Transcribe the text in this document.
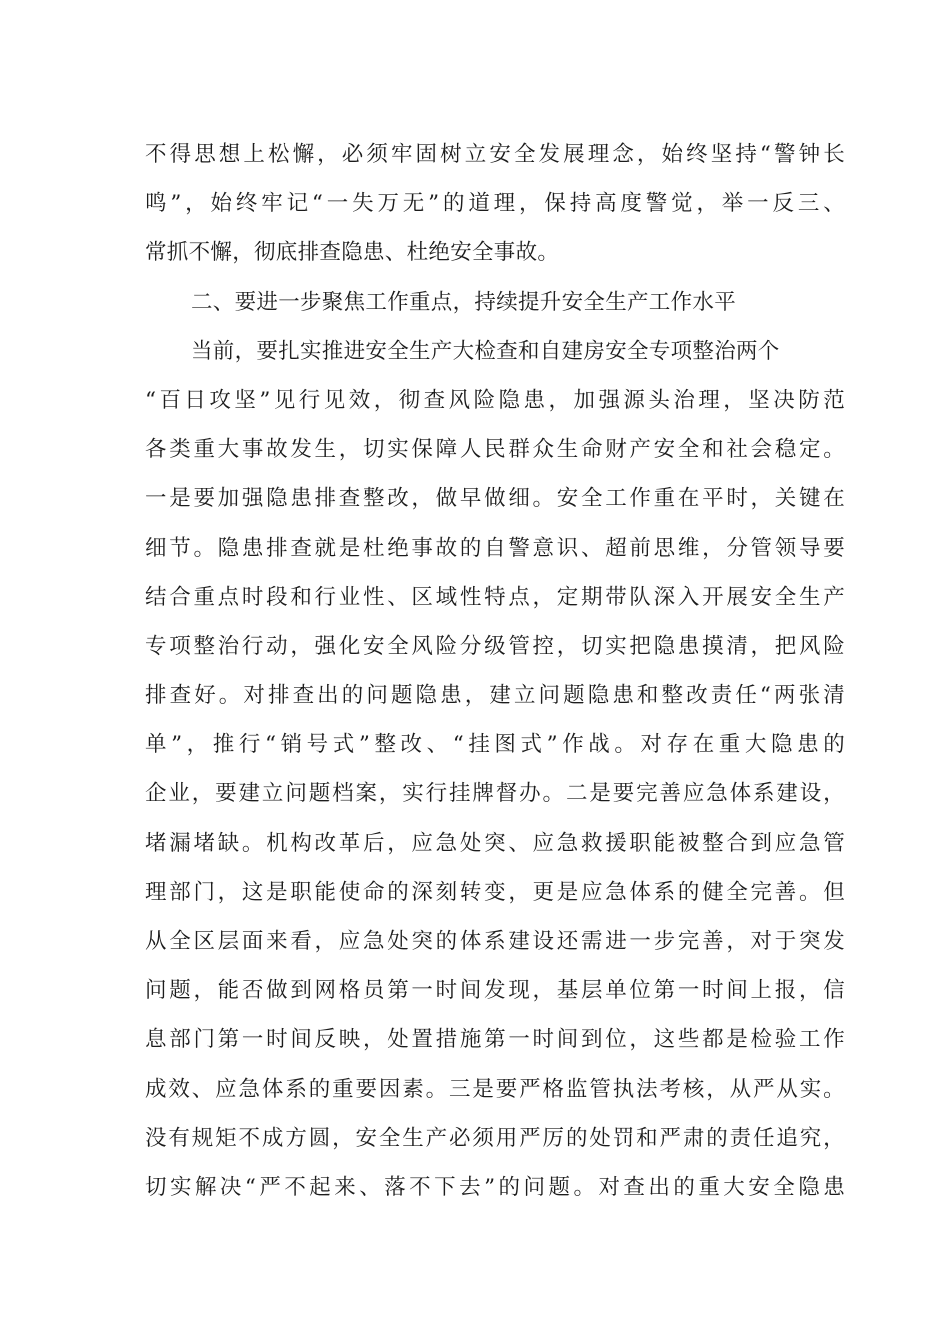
不得思想上松懈，必须牢固树立安全发展理念，始终坚持“警钟长
鸣”，始终牢记“一失万无”的道理，保持高度警觉，举一反三、
常抓不懈，彻底排查隐患、杜绝安全事故。
二、要进一步聚焦工作重点，持续提升安全生产工作水平
当前，要扎实推进安全生产大检查和自建房安全专项整治两个
“百日攻坚”见行见效，彻查风险隐患，加强源头治理，坚决防范
各类重大事故发生，切实保障人民群众生命财产安全和社会稳定。
一是要加强隐患排查整改，做早做细。安全工作重在平时，关键在
细节。隐患排查就是杜绝事故的自警意识、超前思维，分管领导要
结合重点时段和行业性、区域性特点，定期带队深入开展安全生产
专项整治行动，强化安全风险分级管控，切实把隐患摸清，把风险
排查好。对排查出的问题隐患，建立问题隐患和整改责任“两张清
单”，推行“销号式”整改、“挂图式”作战。对存在重大隐患的
企业，要建立问题档案，实行挂牌督办。二是要完善应急体系建设，
堵漏堵缺。机构改革后，应急处突、应急救援职能被整合到应急管
理部门，这是职能使命的深刻转变，更是应急体系的健全完善。但
从全区层面来看，应急处突的体系建设还需进一步完善，对于突发
问题，能否做到网格员第一时间发现，基层单位第一时间上报，信
息部门第一时间反映，处置措施第一时间到位，这些都是检验工作
成效、应急体系的重要因素。三是要严格监管执法考核，从严从实。
没有规矩不成方圆，安全生产必须用严厉的处罚和严肃的责任追究，
切实解决“严不起来、落不下去”的问题。对查出的重大安全隐患
